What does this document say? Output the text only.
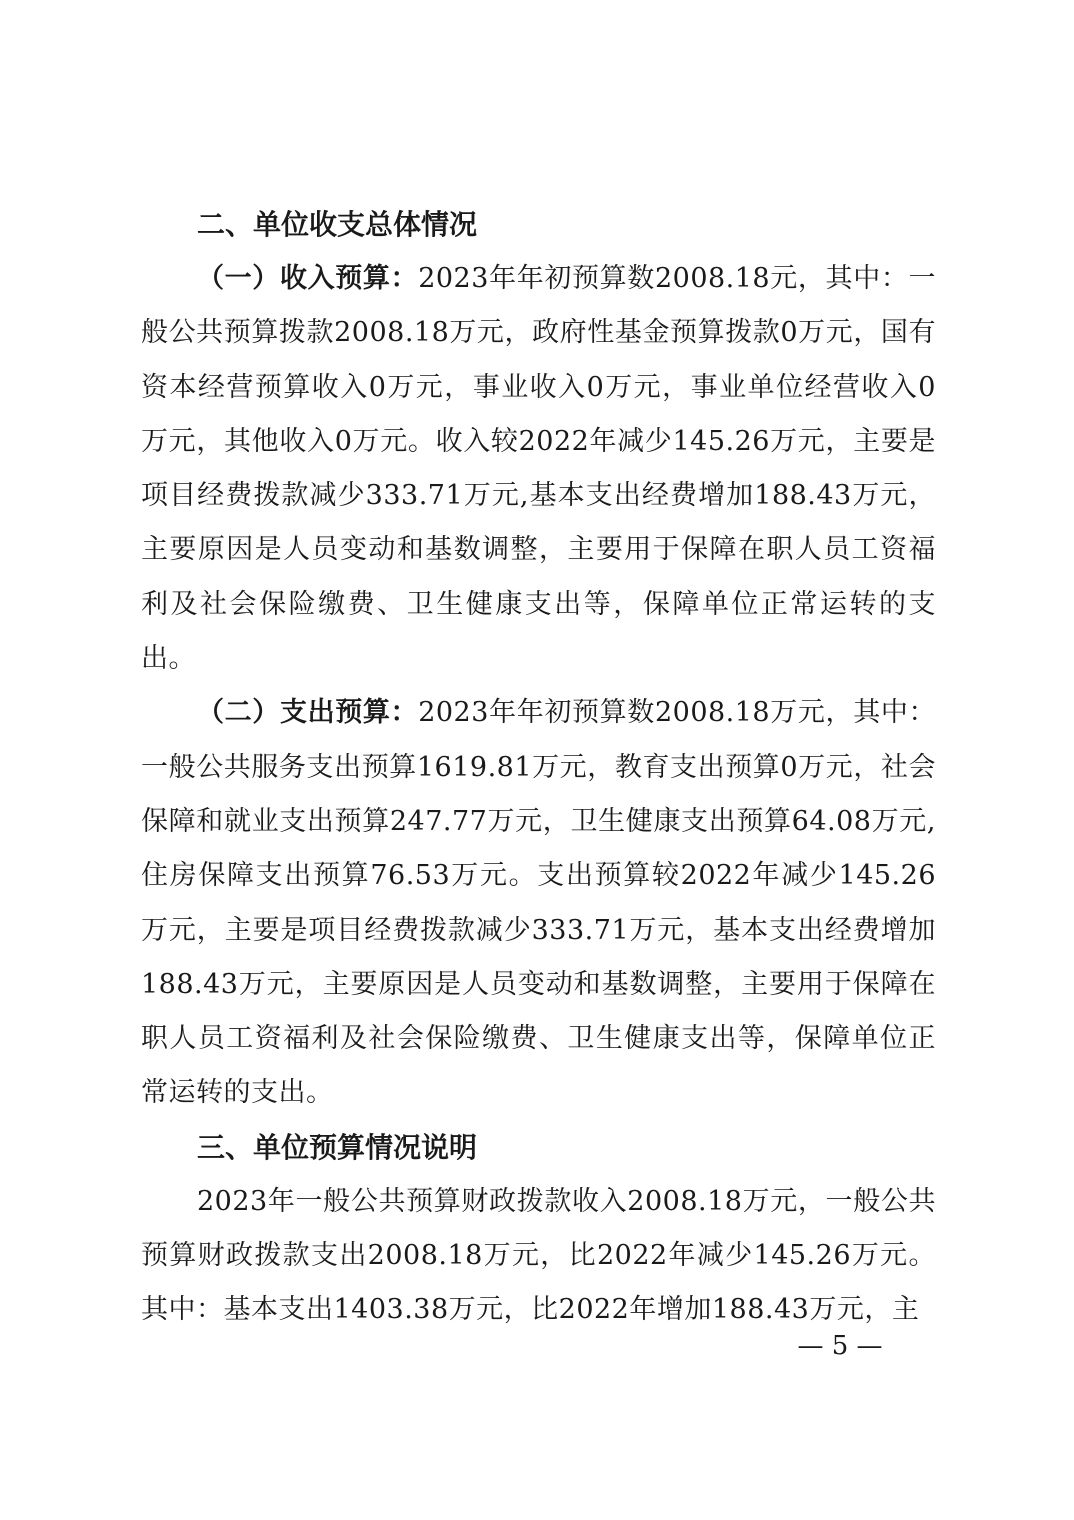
二、单位收支总体情况

（一）收入预算：2023年年初预算数2008.18元，其中：一般公共预算拨款2008.18万元，政府性基金预算拨款0万元，国有资本经营预算收入0万元，事业收入0万元，事业单位经营收入0万元，其他收入0万元。收入较2022年减少145.26万元，主要是项目经费拨款减少333.71万元,基本支出经费增加188.43万元，主要原因是人员变动和基数调整，主要用于保障在职人员工资福利及社会保险缴费、卫生健康支出等，保障单位正常运转的支出。

（二）支出预算：2023年年初预算数2008.18万元，其中：一般公共服务支出预算1619.81万元，教育支出预算0万元，社会保障和就业支出预算247.77万元，卫生健康支出预算64.08万元,住房保障支出预算76.53万元。支出预算较2022年减少145.26万元，主要是项目经费拨款减少333.71万元，基本支出经费增加188.43万元，主要原因是人员变动和基数调整，主要用于保障在职人员工资福利及社会保险缴费、卫生健康支出等，保障单位正常运转的支出。

三、单位预算情况说明

2023年一般公共预算财政拨款收入2008.18万元，一般公共预算财政拨款支出2008.18万元，比2022年减少145.26万元。其中：基本支出1403.38万元，比2022年增加188.43万元，主

— 5 —
